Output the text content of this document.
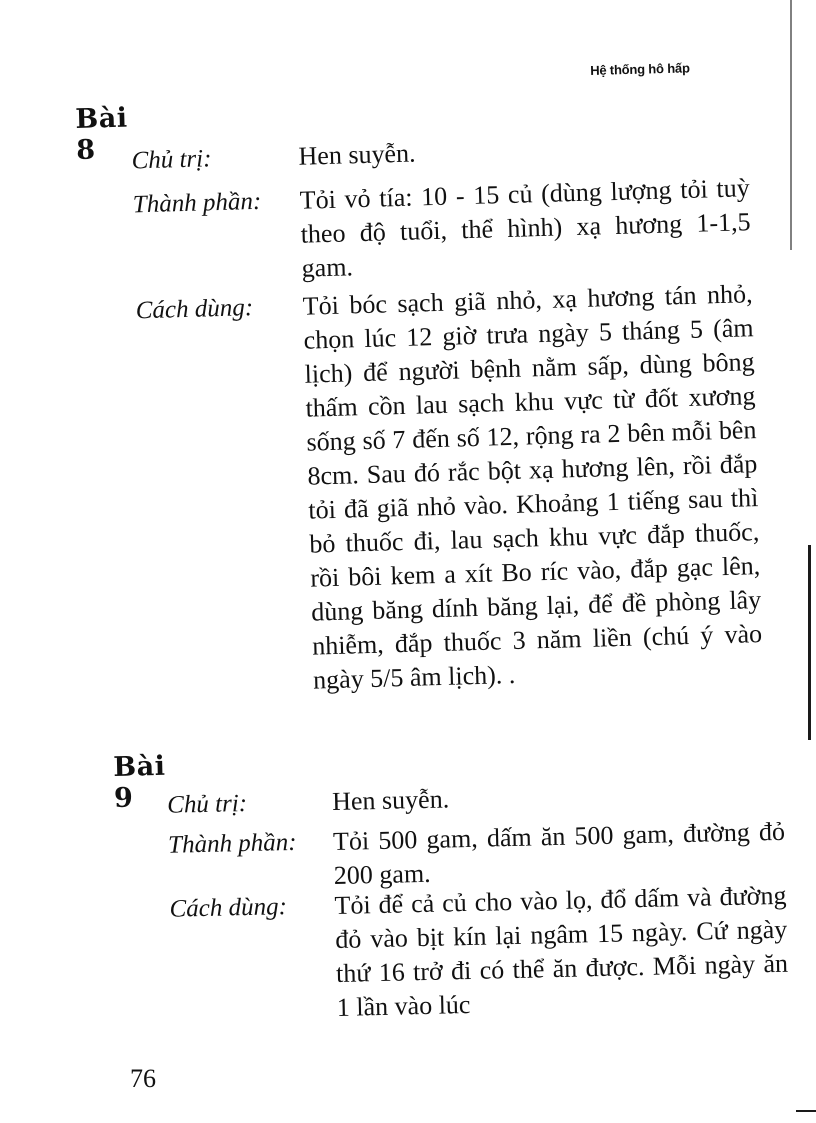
Hệ thống hô hấp
Bài 8	Chủ trị:	Hen suyễn.
Thành phần: Tỏi vỏ tía: 10 - 15 củ (dùng lượng tỏi tuỳ theo độ tuổi, thể hình) xạ hương 1-1,5 gam.
Cách dùng: Tỏi bóc sạch giã nhỏ, xạ hương tán nhỏ, chọn lúc 12 giờ trưa ngày 5 tháng 5 (âm lịch) để người bệnh nằm sấp, dùng bông thấm cồn lau sạch khu vực từ đốt xương sống số 7 đến số 12, rộng ra 2 bên mỗi bên 8cm. Sau đó rắc bột xạ hương lên, rồi đắp tỏi đã giã nhỏ vào. Khoảng 1 tiếng sau thì bỏ thuốc đi, lau sạch khu vực đắp thuốc, rồi bôi kem a xít Bo ríc vào, đắp gạc lên, dùng băng dính băng lại, để đề phòng lây nhiễm, đắp thuốc 3 năm liền (chú ý vào ngày 5/5 âm lịch). .
Bài 9	Chủ trị:	Hen suyễn.
Thành phần: Tỏi 500 gam, dấm ăn 500 gam, đường đỏ 200 gam.
Cách dùng: Tỏi để cả củ cho vào lọ, đổ dấm và đường đỏ vào bịt kín lại ngâm 15 ngày. Cứ ngày thứ 16 trở đi có thể ăn được. Mỗi ngày ăn 1 lần vào lúc
76
